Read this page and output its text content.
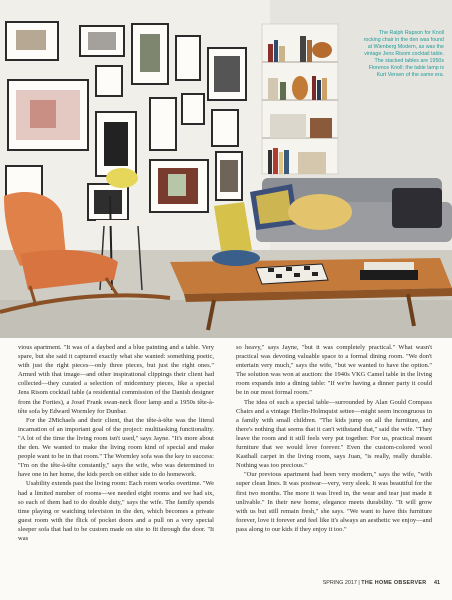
The Ralph Rapson for Knoll rocking chair in the den was found at Wienberg Modern, as was the vintage Jens Risom cocktail table. The stacked tables are 1950s Florence Knoll; the table lamp is Kurt Versen of the same era.

vious apartment. "It was of a daybed and a blue painting and a table. Very spare, but she said it captured exactly what she wanted: something poetic, with just the right pieces—only three pieces, but just the right ones." Armed with that image—and other inspirational clippings their client had collected—they curated a selection of midcentury pieces, like a special Jens Risom cocktail table (a residential commission of the Danish designer from the Forties), a Josef Frank swan-neck floor lamp and a 1950s tête-à-tête sofa by Edward Wormley for Dunbar.

For the 2Michaels and their client, that the tête-à-tête was the literal incarnation of an important goal of the project: multitasking functionality. "A lot of the time the living room isn't used," says Jayne. "It's more about the den. We wanted to make the living room kind of special and make people want to be in that room." The Wormley sofa was the key to success: "I'm on the tête-à-tête constantly," says the wife, who was determined to have one in her home, the kids perch on either side to do homework.

Usability extends past the living room: Each room works overtime. "We had a limited number of rooms—we needed eight rooms and we had six, so each of them had to do double duty," says the wife. The family spends time playing or watching television in the den, which becomes a private guest room with the flick of pocket doors and a pull on a very special sleeper sofa that had to be custom made on site to fit through the door. "It was

so heavy," says Jayne, "but it was completely practical." What wasn't practical was devoting valuable space to a formal dining room. "We don't entertain very much," says the wife, "but we wanted to have the option." The solution was won at auction: the 1940s VKG Camel table in the living room expands into a dining table: "If we're having a dinner party it could be in our most formal room."

The idea of such a special table—surrounded by Alan Gould Compass Chairs and a vintage Herlin-Holmquist settee—might seem incongruous in a family with small children. "The kids jump on all the furniture, and there's nothing that seems that it can't withstand that," said the wife. "They leave the room and it still feels very put together. For us, practical meant furniture that we would love forever." Even the custom-colored wool Kasthall carpet in the living room, says Juan, "is really, really durable. Nothing was too precious."

"Our previous apartment had been very modern," says the wife, "with super clean lines. It was postwar—very, very sleek. It was beautiful for the first two months. The more it was lived in, the wear and tear just made it unlivable." In their new home, elegance meets durability. "It will grow with us but still remain fresh," she says. "We want to have this furniture forever, love it forever and feel like it's always an aesthetic we enjoy—and pass along to our kids if they enjoy it too."

SPRING 2017 | THE HOME OBSERVER 41
